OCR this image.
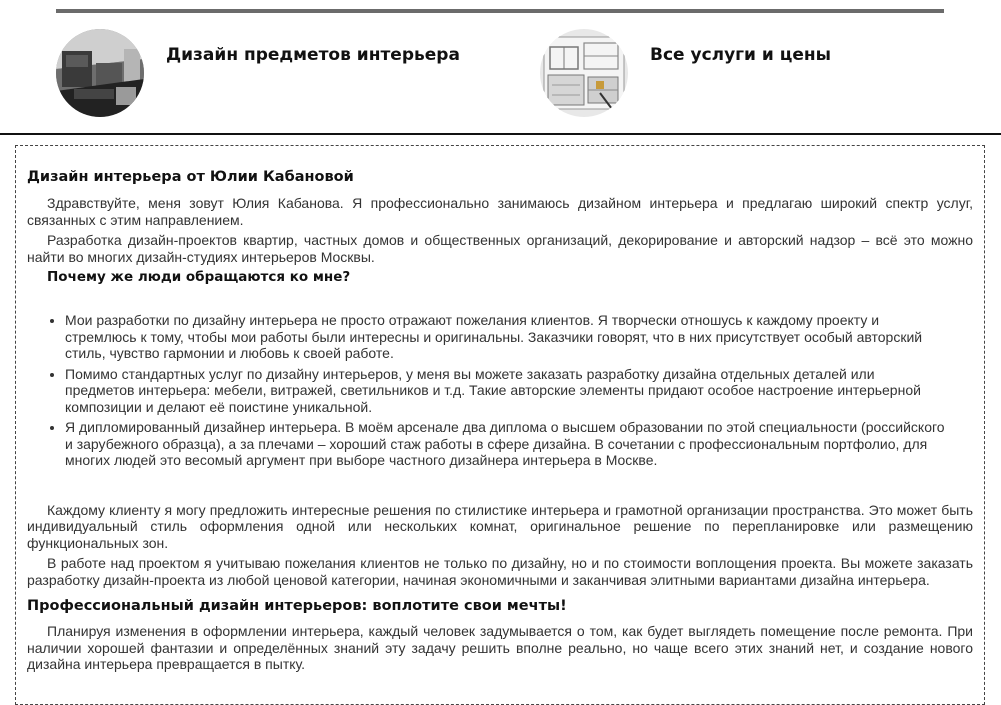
Дизайн предметов интерьера	Все услуги и цены
Дизайн интерьера от Юлии Кабановой

Здравствуйте, меня зовут Юлия Кабанова. Я профессионально занимаюсь дизайном интерьера и предлагаю широкий спектр услуг, связанных с этим направлением.

Разработка дизайн-проектов квартир, частных домов и общественных организаций, декорирование и авторский надзор – всё это можно найти во многих дизайн-студиях интерьеров Москвы.

Почему же люди обращаются ко мне?
• Мои разработки по дизайну интерьера не просто отражают пожелания клиентов. Я творчески отношусь к каждому проекту и стремлюсь к тому, чтобы мои работы были интересны и оригинальны. Заказчики говорят, что в них присутствует особый авторский стиль, чувство гармонии и любовь к своей работе.
• Помимо стандартных услуг по дизайну интерьеров, у меня вы можете заказать разработку дизайна отдельных деталей или предметов интерьера: мебели, витражей, светильников и т.д. Такие авторские элементы придают особое настроение интерьерной композиции и делают её поистине уникальной.
• Я дипломированный дизайнер интерьера. В моём арсенале два диплома о высшем образовании по этой специальности (российского и зарубежного образца), а за плечами – хороший стаж работы в сфере дизайна. В сочетании с профессиональным портфолио, для многих людей это весомый аргумент при выборе частного дизайнера интерьера в Москве.

Каждому клиенту я могу предложить интересные решения по стилистике интерьера и грамотной организации пространства. Это может быть индивидуальный стиль оформления одной или нескольких комнат, оригинальное решение по перепланировке или размещению функциональных зон.

В работе над проектом я учитываю пожелания клиентов не только по дизайну, но и по стоимости воплощения проекта. Вы можете заказать разработку дизайн-проекта из любой ценовой категории, начиная экономичными и заканчивая элитными вариантами дизайна интерьера.

Профессиональный дизайн интерьеров: воплотите свои мечты!

Планируя изменения в оформлении интерьера, каждый человек задумывается о том, как будет выглядеть помещение после ремонта. При наличии хорошей фантазии и определённых знаний эту задачу решить вполне реально, но чаще всего этих знаний нет, и создание нового дизайна интерьера превращается в пытку.
